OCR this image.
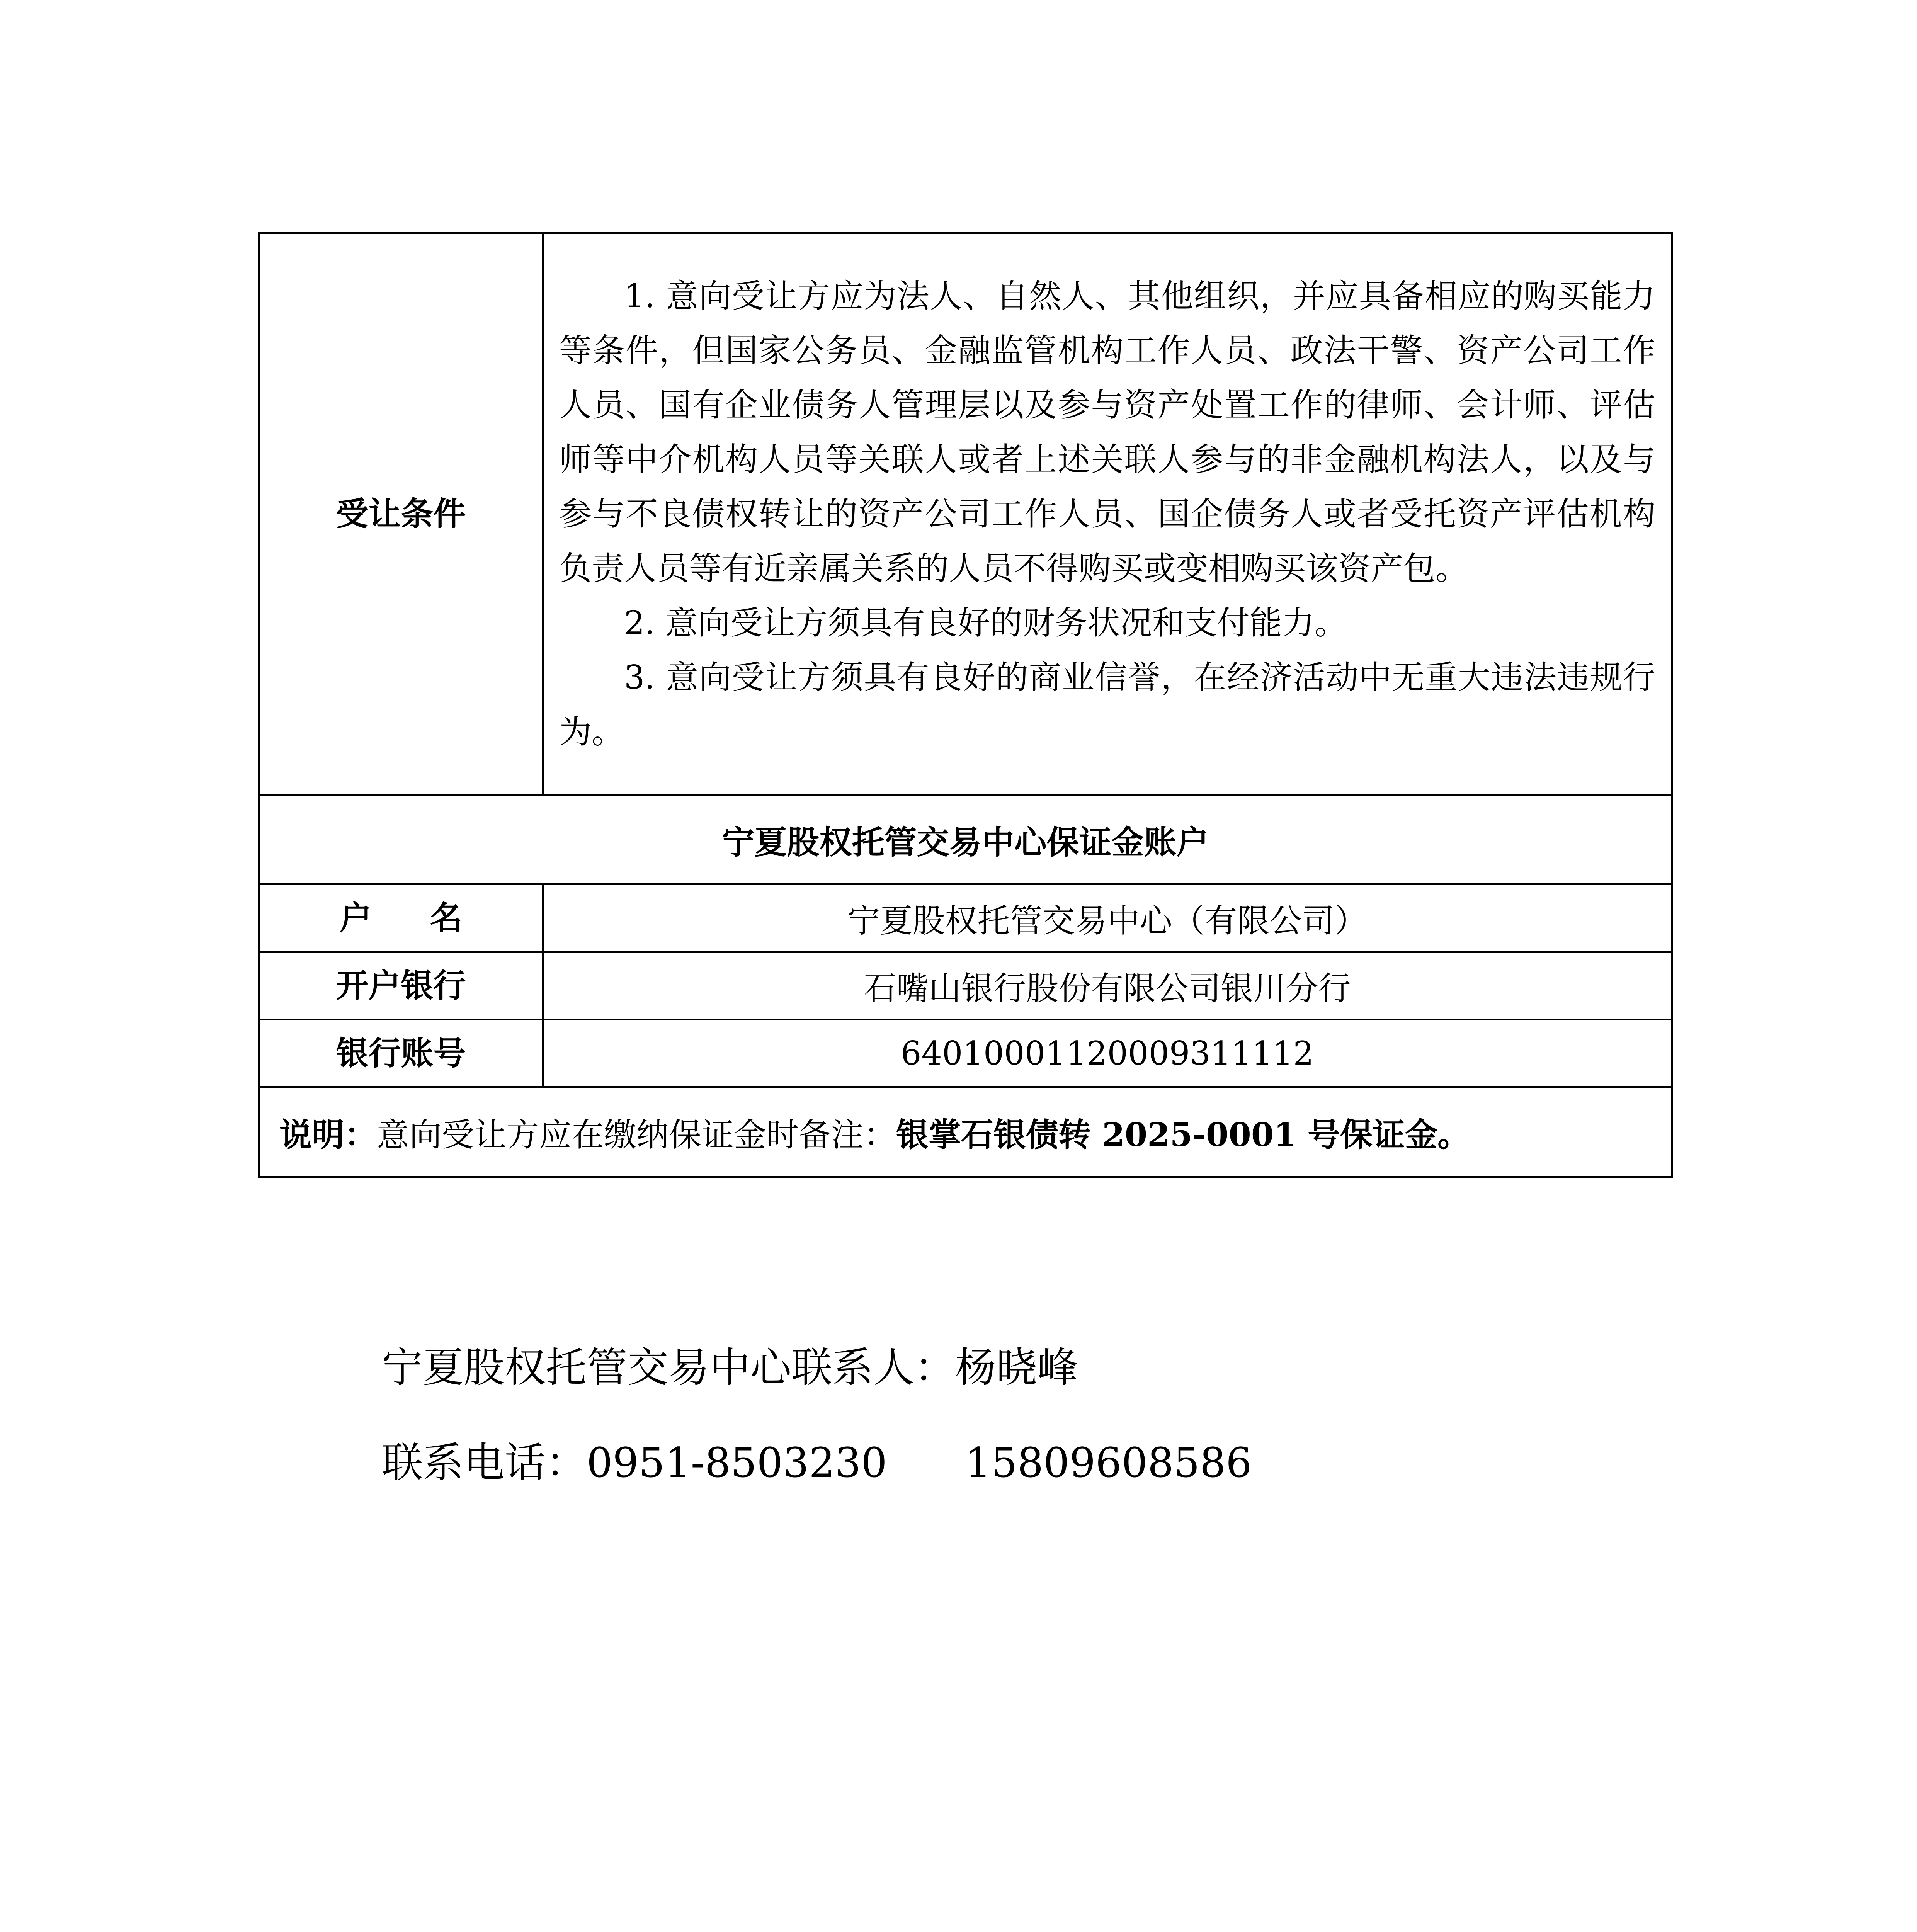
受让条件	1. 意向受让方应为法人、自然人、其他组织，并应具备相应的购买能力等条件，但国家公务员、金融监管机构工作人员、政法干警、资产公司工作人员、国有企业债务人管理层以及参与资产处置工作的律师、会计师、评估师等中介机构人员等关联人或者上述关联人参与的非金融机构法人，以及与参与不良债权转让的资产公司工作人员、国企债务人或者受托资产评估机构负责人员等有近亲属关系的人员不得购买或变相购买该资产包。

2. 意向受让方须具有良好的财务状况和支付能力。

3. 意向受让方须具有良好的商业信誉，在经济活动中无重大违法违规行为。

宁夏股权托管交易中心保证金账户	
户名	宁夏股权托管交易中心（有限公司）
开户银行	石嘴山银行股份有限公司银川分行
银行账号	64010001120009311112
说明：意向受让方应在缴纳保证金时备注：银掌石银债转 2025-0001 号保证金。	
宁夏股权托管交易中心联系人：杨晓峰
联系电话：0951-8503230 15809608586
